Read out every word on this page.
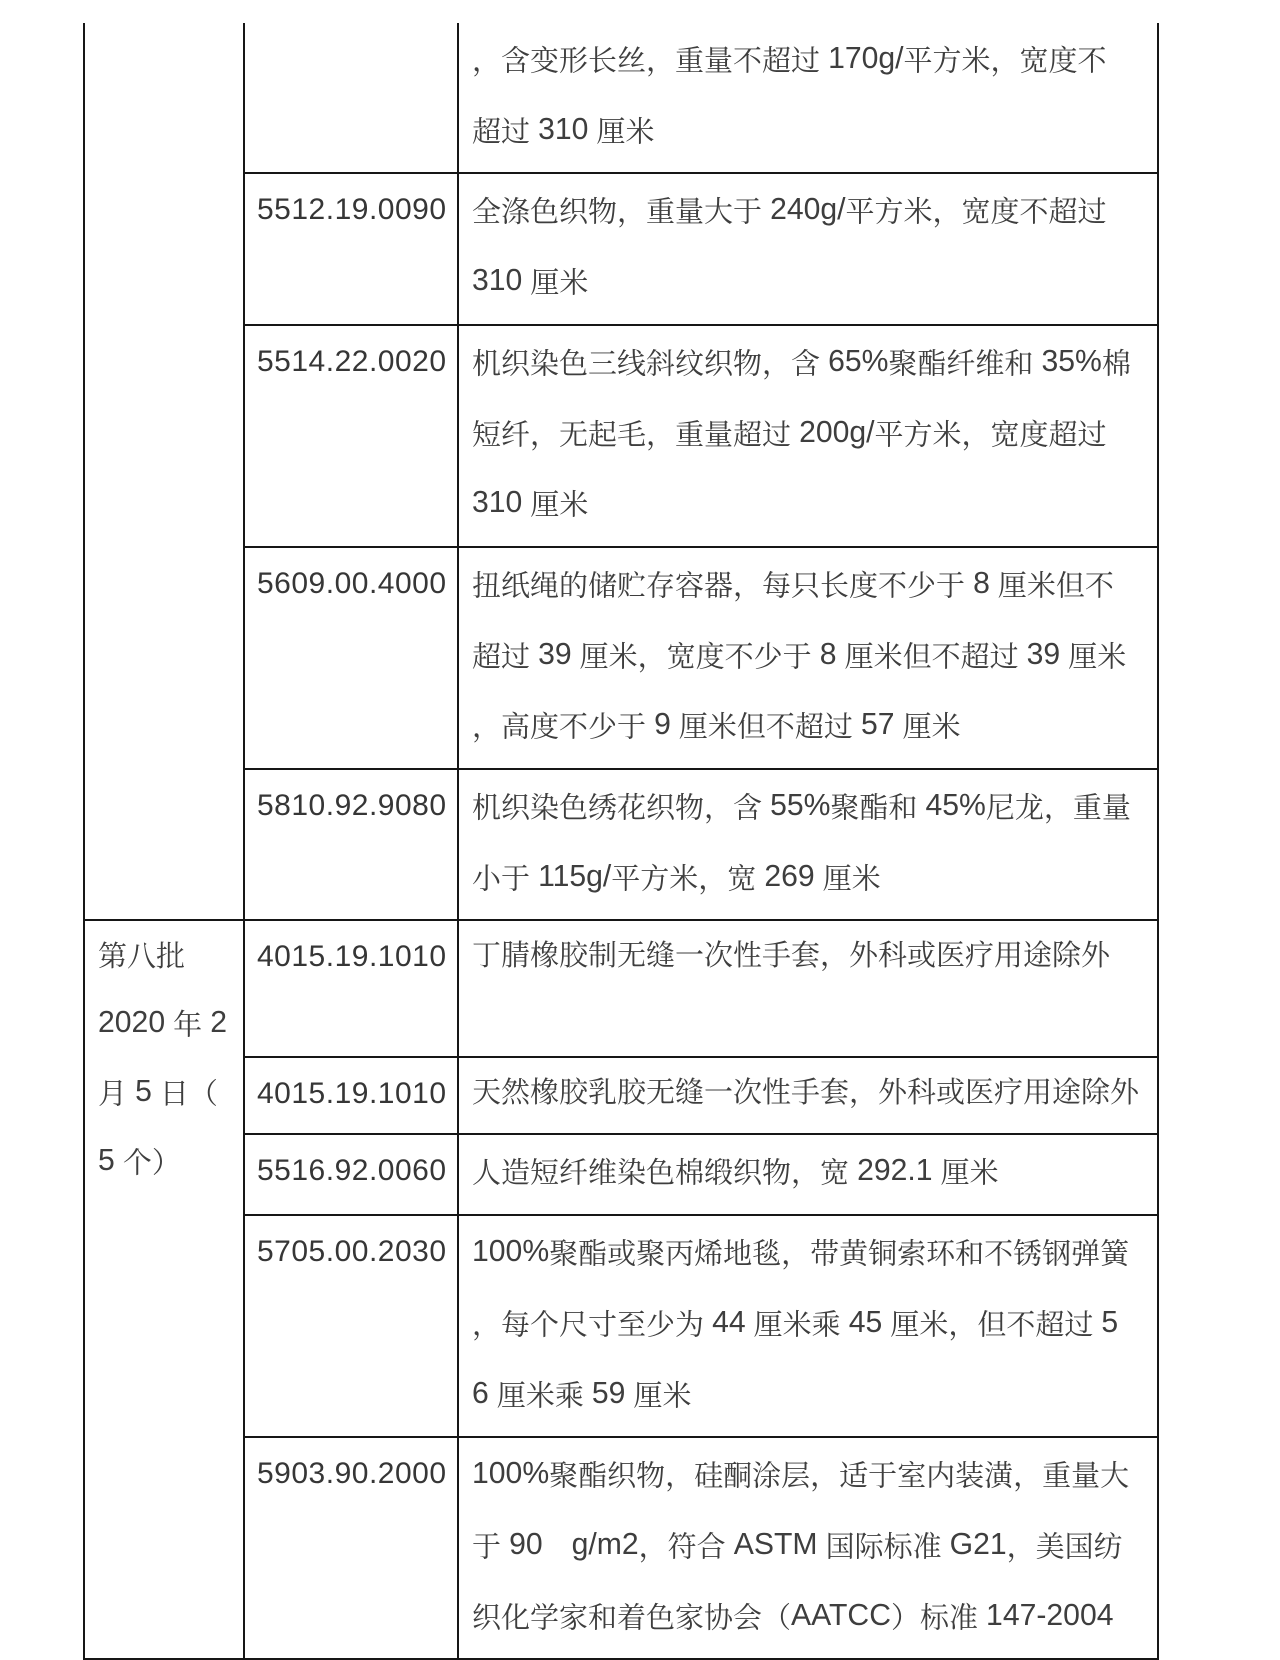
		，含变形长丝，重量不超过 170g/平方米，宽度不
超过 310 厘米

	5512.19.0090	全涤色织物，重量大于 240g/平方米，宽度不超过
310 厘米

	5514.22.0020	机织染色三线斜纹织物，含 65%聚酯纤维和 35%棉
短纤，无起毛，重量超过 200g/平方米，宽度超过
310 厘米

	5609.00.4000	扭纸绳的储贮存容器，每只长度不少于 8 厘米但不
超过 39 厘米，宽度不少于 8 厘米但不超过 39 厘米
，高度不少于 9 厘米但不超过 57 厘米

	5810.92.9080	机织染色绣花织物，含 55%聚酯和 45%尼龙，重量
小于 115g/平方米，宽 269 厘米

第八批
2020 年 2
月 5 日（
5 个）	4015.19.1010	丁腈橡胶制无缝一次性手套，外科或医疗用途除外

	4015.19.1010	天然橡胶乳胶无缝一次性手套，外科或医疗用途除外

	5516.92.0060	人造短纤维染色棉缎织物，宽 292.1 厘米

	5705.00.2030	100%聚酯或聚丙烯地毯，带黄铜索环和不锈钢弹簧
，每个尺寸至少为 44 厘米乘 45 厘米，但不超过 5
6 厘米乘 59 厘米

	5903.90.2000	100%聚酯织物，硅酮涂层，适于室内装潢，重量大
于 90　 g/m2，符合 ASTM 国际标准 G21，美国纺
织化学家和着色家协会（AATCC）标准 147-2004
